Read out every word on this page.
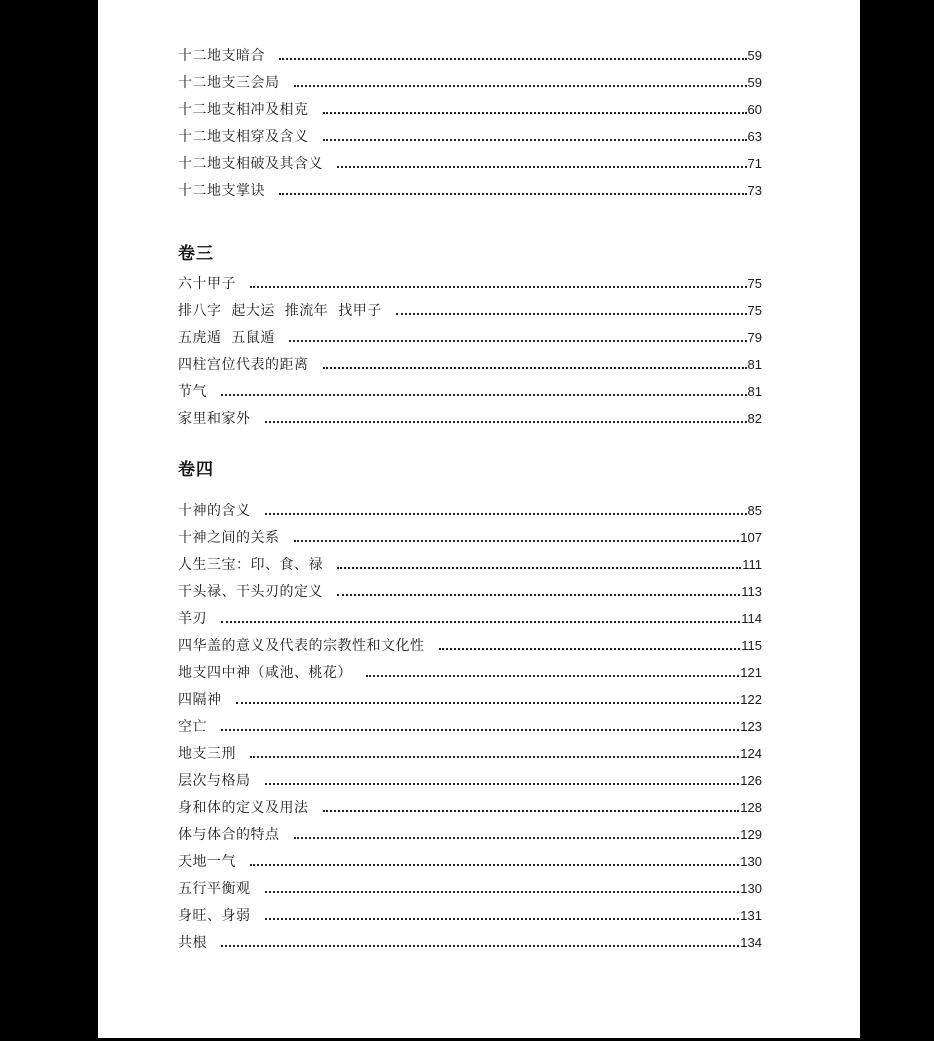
十二地支暗合	59
十二地支三会局	59
十二地支相冲及相克	60
十二地支相穿及含义	63
十二地支相破及其含义	71
十二地支掌诀	73
卷三
六十甲子	75
排八字  起大运  推流年  找甲子	75
五虎遁  五鼠遁	79
四柱宫位代表的距离	81
节气	81
家里和家外	82
卷四
十神的含义	85
十神之间的关系	107
人生三宝：印、食、禄	111
干头禄、干头刃的定义	113
羊刃	114
四华盖的意义及代表的宗教性和文化性	115
地支四中神（咸池、桃花）	121
四隔神	122
空亡	123
地支三刑	124
层次与格局	126
身和体的定义及用法	128
体与体合的特点	129
天地一气	130
五行平衡观	130
身旺、身弱	131
共根	134
